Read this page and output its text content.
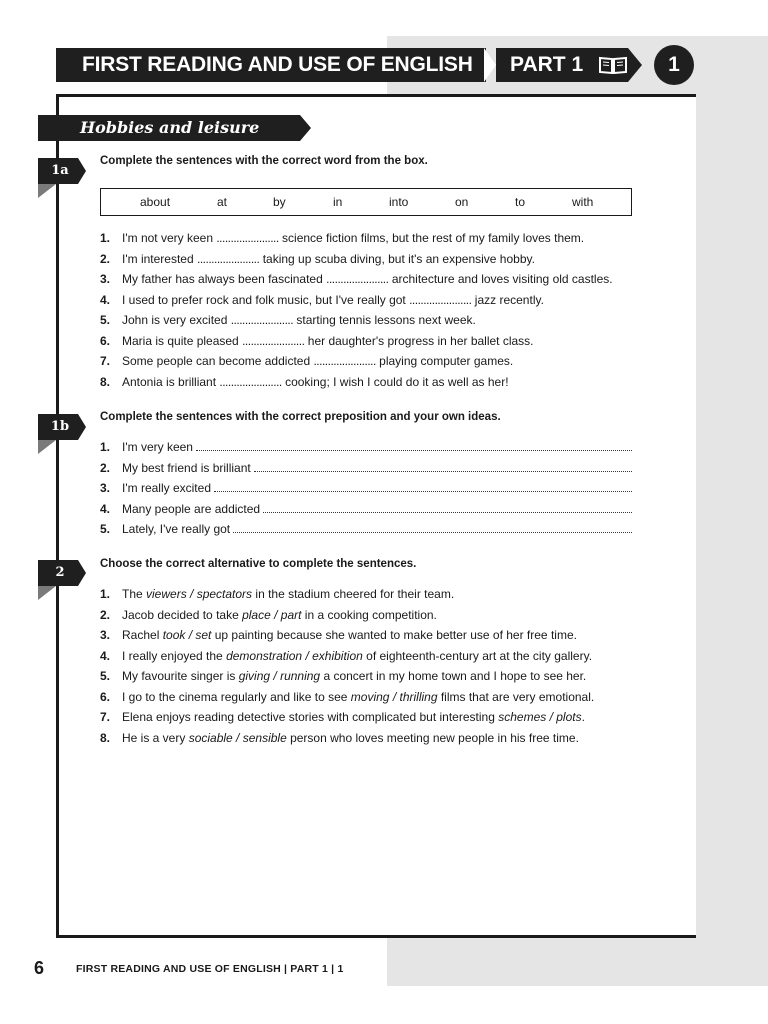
FIRST READING AND USE OF ENGLISH PART 1	1
Hobbies and leisure
1a
Complete the sentences with the correct word from the box.
about	at	by	in	into	on	to	with
1. I'm not very keen ...................... science fiction films, but the rest of my family loves them.
2. I'm interested ...................... taking up scuba diving, but it's an expensive hobby.
3. My father has always been fascinated ...................... architecture and loves visiting old castles.
4. I used to prefer rock and folk music, but I've really got ...................... jazz recently.
5. John is very excited ...................... starting tennis lessons next week.
6. Maria is quite pleased ...................... her daughter's progress in her ballet class.
7. Some people can become addicted ...................... playing computer games.
8. Antonia is brilliant ...................... cooking; I wish I could do it as well as her!
1b
Complete the sentences with the correct preposition and your own ideas.
1. I'm very keen
2. My best friend is brilliant
3. I'm really excited
4. Many people are addicted
5. Lately, I've really got
2
Choose the correct alternative to complete the sentences.
1. The viewers / spectators in the stadium cheered for their team.
2. Jacob decided to take place / part in a cooking competition.
3. Rachel took / set up painting because she wanted to make better use of her free time.
4. I really enjoyed the demonstration / exhibition of eighteenth-century art at the city gallery.
5. My favourite singer is giving / running a concert in my home town and I hope to see her.
6. I go to the cinema regularly and like to see moving / thrilling films that are very emotional.
7. Elena enjoys reading detective stories with complicated but interesting schemes / plots.
8. He is a very sociable / sensible person who loves meeting new people in his free time.
6	FIRST READING AND USE OF ENGLISH | PART 1 | 1
